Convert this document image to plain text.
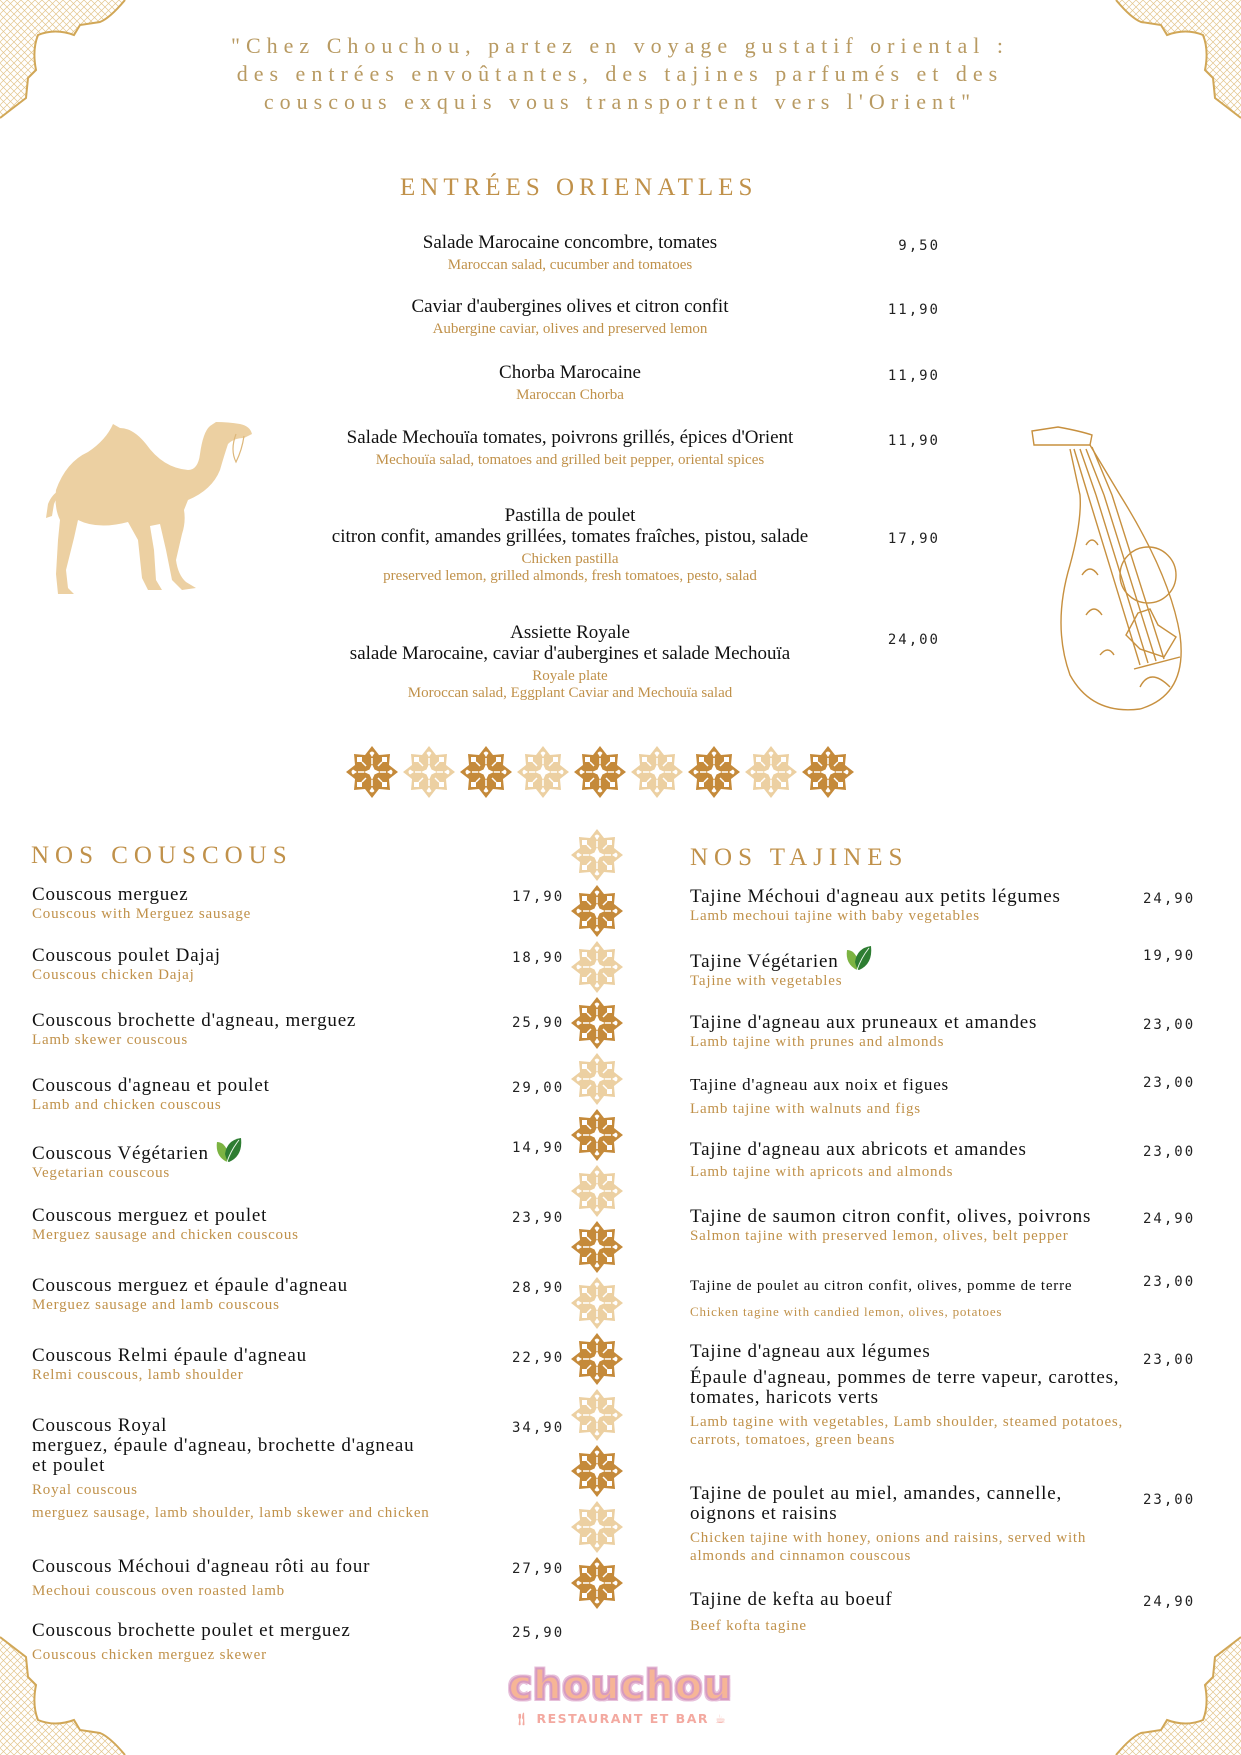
"Chez Chouchou, partez en voyage gustatif oriental :
des entrées envoûtantes, des tajines parfumés et des
couscous exquis vous transportent vers l'Orient"
ENTRÉES ORIENATLES
Salade Marocaine concombre, tomates
Maroccan salad, cucumber and tomatoes
9,50
Caviar d'aubergines olives et citron confit
Aubergine caviar, olives and preserved lemon
11,90
Chorba Marocaine
Maroccan Chorba
11,90
Salade Mechouïa tomates, poivrons grillés, épices d'Orient
Mechouïa salad, tomatoes and grilled beit pepper, oriental spices
11,90
Pastilla de poulet
citron confit, amandes grillées, tomates fraîches, pistou, salade
Chicken pastilla
preserved lemon, grilled almonds, fresh tomatoes, pesto, salad
17,90
Assiette Royale
salade Marocaine, caviar d'aubergines et salade Mechouïa
Royale plate
Moroccan salad, Eggplant Caviar and Mechouïa salad
24,00
NOS COUSCOUS
Couscous merguez
Couscous with Merguez sausage
17,90
Couscous poulet Dajaj
Couscous chicken Dajaj
18,90
Couscous brochette d'agneau, merguez
Lamb skewer couscous
25,90
Couscous d'agneau et poulet
Lamb and chicken couscous
29,00
Couscous Végétarien
Vegetarian couscous
14,90
Couscous merguez et poulet
Merguez sausage and chicken couscous
23,90
Couscous merguez et épaule d'agneau
Merguez sausage and lamb couscous
28,90
Couscous Relmi épaule d'agneau
Relmi couscous, lamb shoulder
22,90
Couscous Royal
merguez, épaule d'agneau, brochette d'agneau
et poulet
Royal couscous
merguez sausage, lamb shoulder, lamb skewer and chicken
34,90
Couscous Méchoui d'agneau rôti au four
Mechoui couscous oven roasted lamb
27,90
Couscous brochette poulet et merguez
Couscous chicken merguez skewer
25,90
NOS TAJINES
Tajine Méchoui d'agneau aux petits légumes
Lamb mechoui tajine with baby vegetables
24,90
Tajine Végétarien
Tajine with vegetables
19,90
Tajine d'agneau aux pruneaux et amandes
Lamb tajine with prunes and almonds
23,00
Tajine d'agneau aux noix et figues
Lamb tajine with walnuts and figs
23,00
Tajine d'agneau aux abricots et amandes
Lamb tajine with apricots and almonds
23,00
Tajine de saumon citron confit, olives, poivrons
Salmon tajine with preserved lemon, olives, belt pepper
24,90
Tajine de poulet au citron confit, olives, pomme de terre
Chicken tagine with candied lemon, olives, potatoes
23,00
Tajine d'agneau aux légumes
Épaule d'agneau, pommes de terre vapeur, carottes,
tomates, haricots verts
Lamb tagine with vegetables, Lamb shoulder, steamed potatoes,
carrots, tomatoes, green beans
23,00
Tajine de poulet au miel, amandes, cannelle,
oignons et raisins
Chicken tajine with honey, onions and raisins, served with
almonds and cinnamon couscous
23,00
Tajine de kefta au boeuf
Beef kofta tagine
24,90
chouchou
🍴︎ RESTAURANT ET BAR ☕︎
